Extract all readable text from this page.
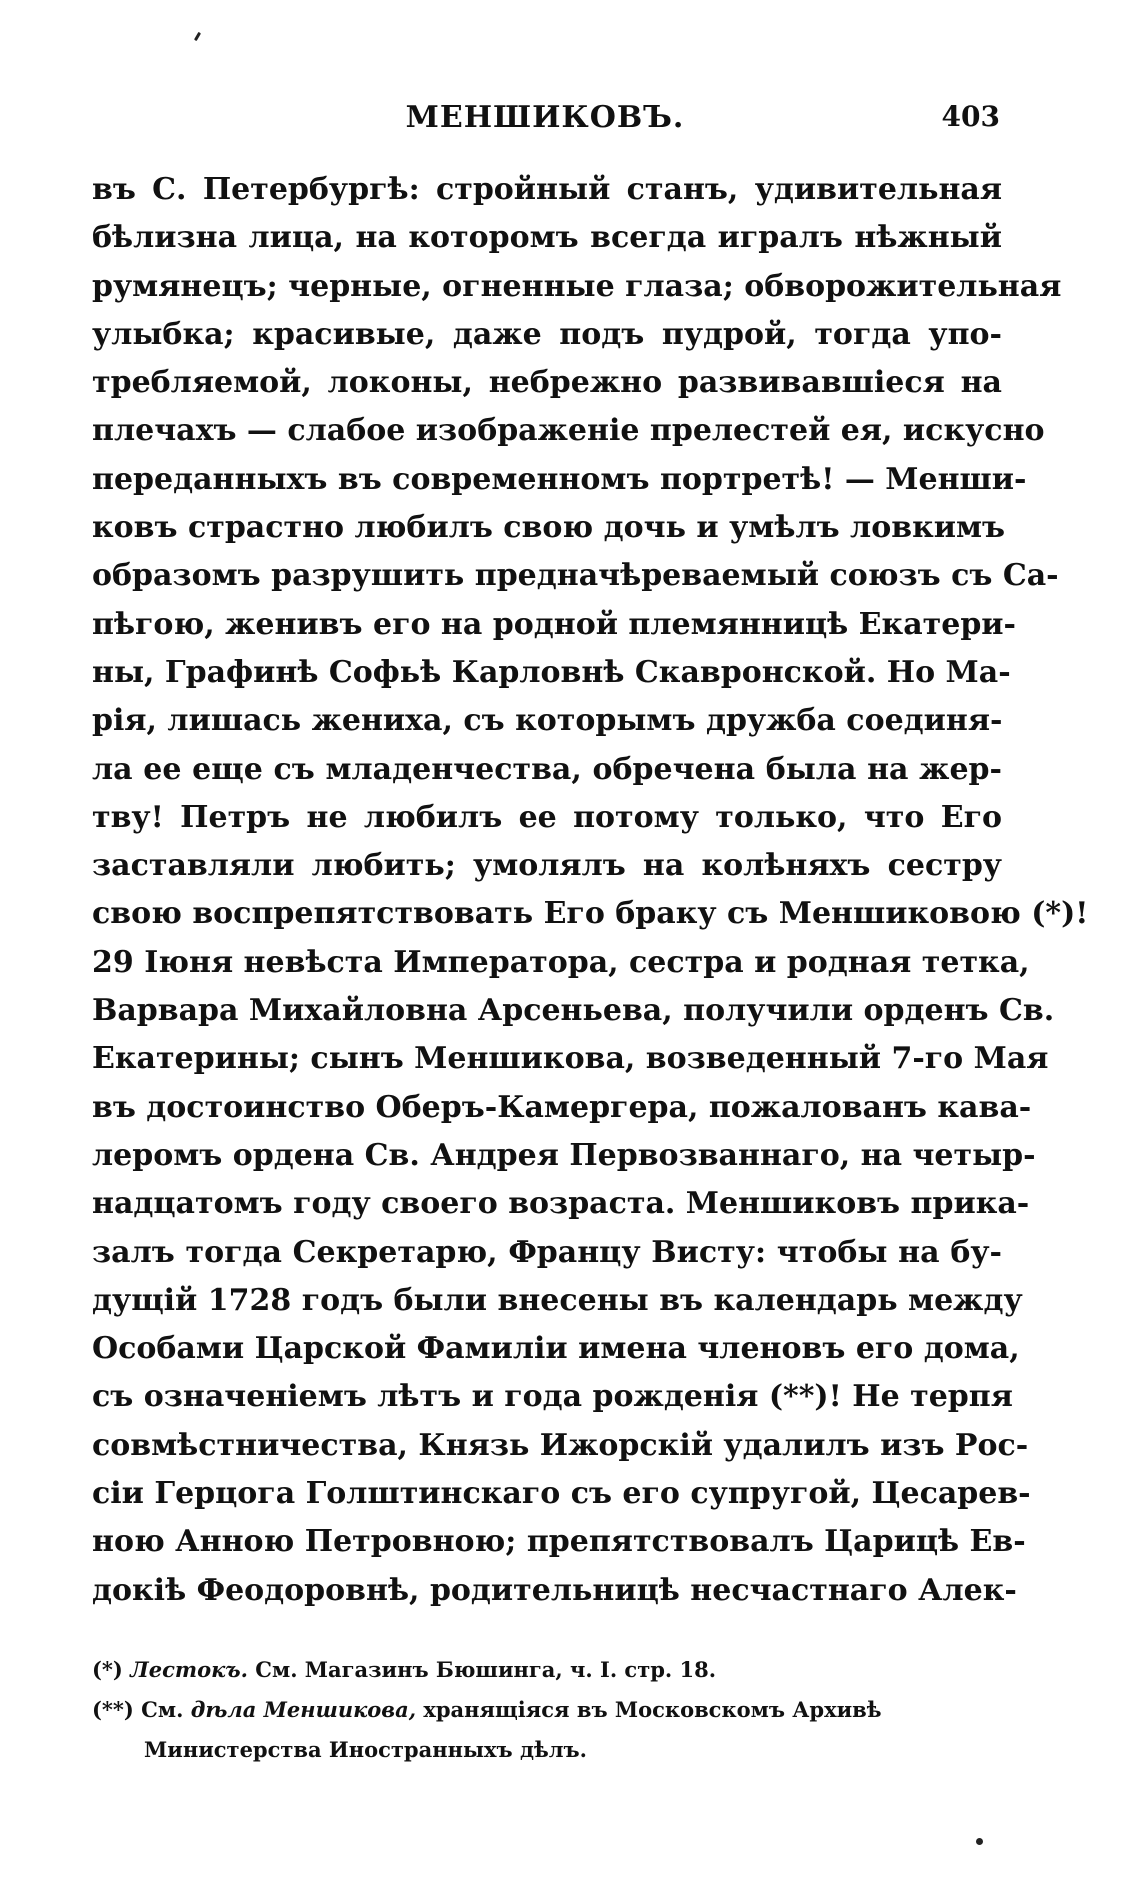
МЕНШИКОВЪ.	403
въ С. Петербургѣ: стройный станъ, удивительная
бѣлизна лица, на которомъ всегда игралъ нѣжный
румянецъ; черные, огненные глаза; обворожительная
улыбка; красивые, даже подъ пудрой, тогда упо-
требляемой, локоны, небрежно развивавшіеся на
плечахъ — слабое изображеніе прелестей ея, искусно
переданныхъ въ современномъ портретѣ! — Менши-
ковъ страстно любилъ свою дочь и умѣлъ ловкимъ
образомъ разрушить предначѣреваемый союзъ съ Са-
пѣгою, женивъ его на родной племянницѣ Екатери-
ны, Графинѣ Софьѣ Карловнѣ Скавронской. Но Ма-
рія, лишась жениха, съ которымъ дружба соединя-
ла ее еще съ младенчества, обречена была на жер-
тву! Петръ не любилъ ее потому только, что Его
заставляли любить; умолялъ на колѣняхъ сестру
свою воспрепятствовать Его браку съ Меншиковою (*)!
29 Іюня невѣста Императора, сестра и родная тетка,
Варвара Михайловна Арсеньева, получили орденъ Св.
Екатерины; сынъ Меншикова, возведенный 7-го Мая
въ достоинство Оберъ-Камергера, пожалованъ кава-
леромъ ордена Св. Андрея Первозваннаго, на четыр-
надцатомъ году своего возраста. Меншиковъ прика-
залъ тогда Секретарю, Францу Висту: чтобы на бу-
дущій 1728 годъ были внесены въ календарь между
Особами Царской Фамиліи имена членовъ его дома,
съ означеніемъ лѣтъ и года рожденія (**)! Не терпя
совмѣстничества, Князь Ижорскій удалилъ изъ Рос-
сіи Герцога Голштинскаго съ его супругой, Цесарев-
ною Анною Петровною; препятствовалъ Царицѣ Ев-
докіѣ Феодоровнѣ, родительницѣ несчастнаго Алек-
(*) Лестокъ. См. Магазинъ Бюшинга, ч. І. стр. 18.
(**) См. дѣла Меншикова, хранящіяся въ Московскомъ Архивѣ
Министерства Иностранныхъ дѣлъ.
